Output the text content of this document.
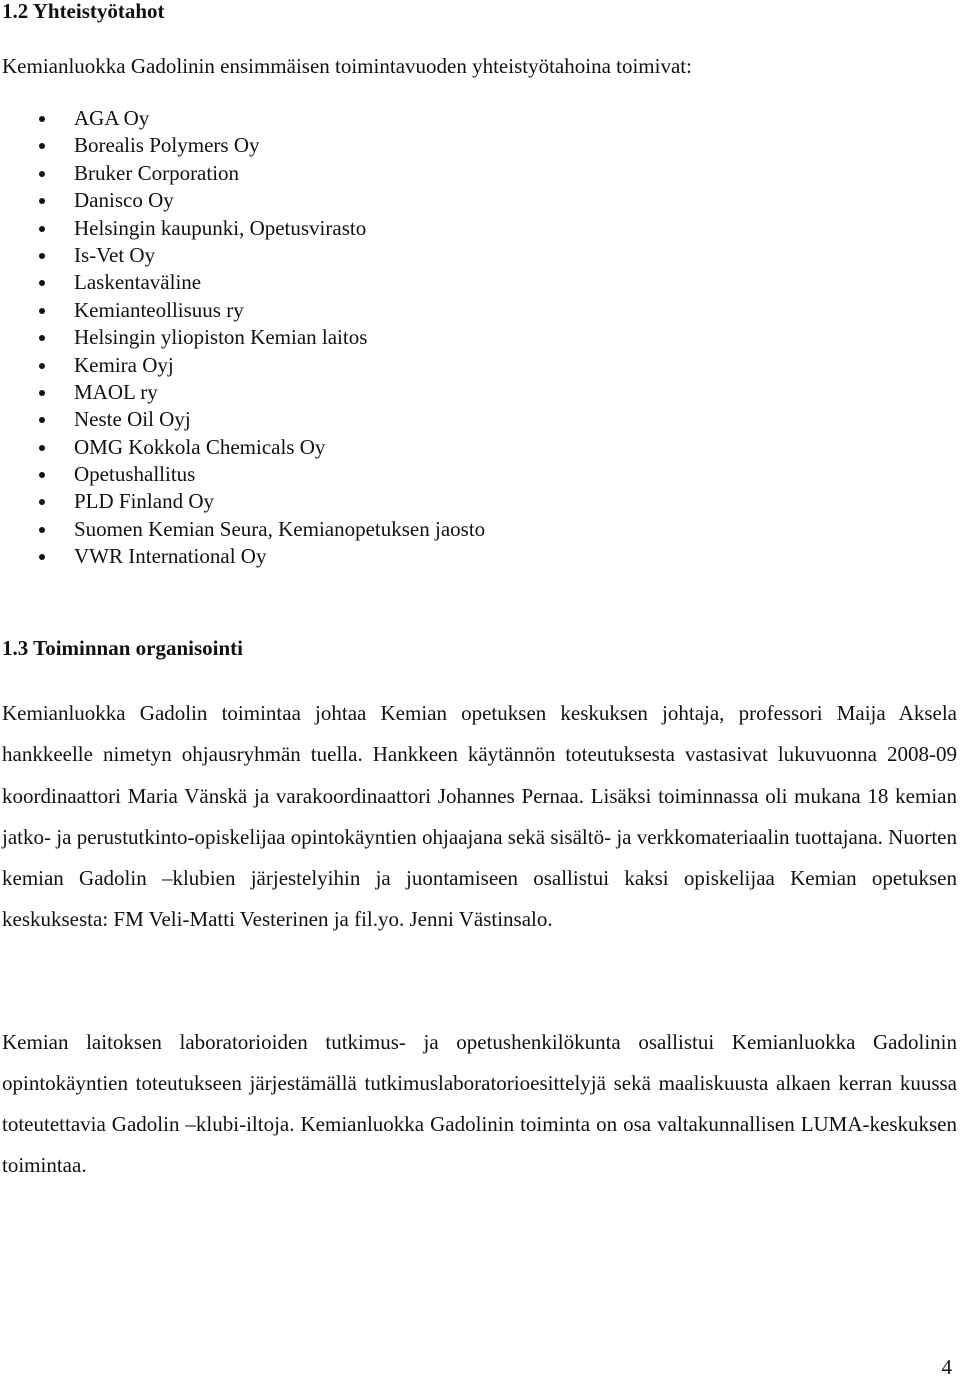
1.2 Yhteistyötahot

Kemianluokka Gadolinin ensimmäisen toimintavuoden yhteistyötahoina toimivat:

AGA Oy
Borealis Polymers Oy
Bruker Corporation
Danisco Oy
Helsingin kaupunki, Opetusvirasto
Is-Vet Oy
Laskentaväline
Kemianteollisuus ry
Helsingin yliopiston Kemian laitos
Kemira Oyj
MAOL ry
Neste Oil Oyj
OMG Kokkola Chemicals Oy
Opetushallitus
PLD Finland Oy
Suomen Kemian Seura, Kemianopetuksen jaosto
VWR International Oy
1.3 Toiminnan organisointi

Kemianluokka Gadolin toimintaa johtaa Kemian opetuksen keskuksen johtaja, professori Maija Aksela hankkeelle nimetyn ohjausryhmän tuella. Hankkeen käytännön toteutuksesta vastasivat lukuvuonna 2008-09 koordinaattori Maria Vänskä ja varakoordinaattori Johannes Pernaa. Lisäksi toiminnassa oli mukana 18 kemian jatko- ja perustutkinto-opiskelijaa opintokäyntien ohjaajana sekä sisältö- ja verkkomateriaalin tuottajana. Nuorten kemian Gadolin –klubien järjestelyihin ja juontamiseen osallistui kaksi opiskelijaa Kemian opetuksen keskuksesta: FM Veli-Matti Vesterinen ja fil.yo. Jenni Västinsalo.

Kemian laitoksen laboratorioiden tutkimus- ja opetushenkilökunta osallistui Kemianluokka Gadolinin opintokäyntien toteutukseen järjestämällä tutkimuslaboratorioesittelyjä sekä maaliskuusta alkaen kerran kuussa toteutettavia Gadolin –klubi-iltoja. Kemianluokka Gadolinin toiminta on osa valtakunnallisen LUMA-keskuksen toimintaa.

4
